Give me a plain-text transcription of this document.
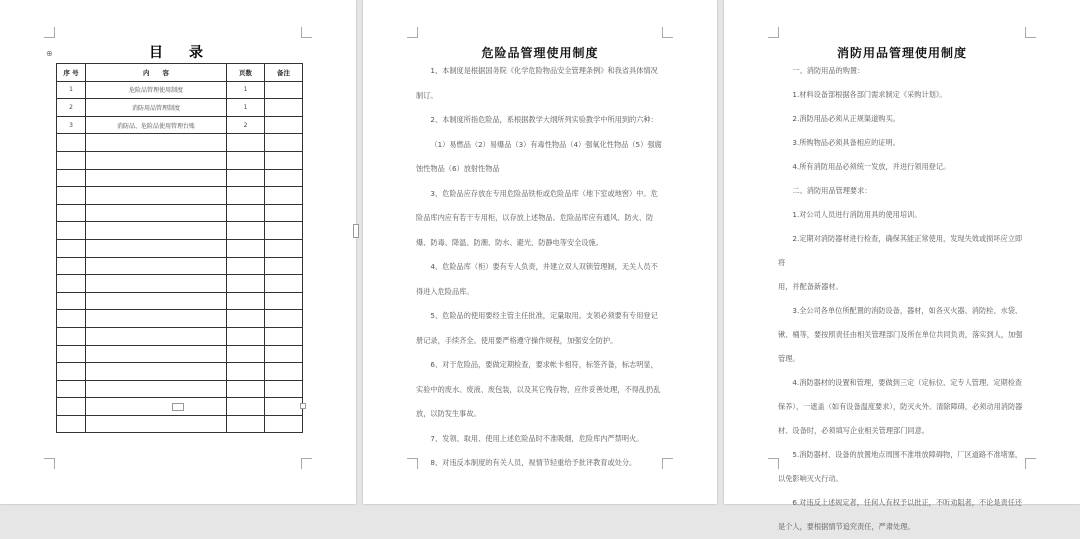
⊕	目　录
序 号	内　　容	页数	备注
1	危险品管理使用制度	1	
2	消防用品管理制度	1	
3	消防品、危险品使用管理台账	2	

危险品管理使用制度

1、本制度是根据国务院《化学危险物品安全管理条例》和我省具体情况制订。

2、本制度所指危险品，系根据教学大纲所列实验教学中所用到的六种：

（1）易燃品（2）易爆品（3）有毒性物品（4）强氧化性物品（5）强腐蚀性物品（6）放射性物品

3、危险品应存放在专用危险品铁柜或危险品库（地下室或地窖）中。危险品库内应有若干专用柜，以存放上述物品。危险品库应有通风、防火、防爆、防毒、降温、防潮、防水、避光、防静电等安全设施。

4、危险品库（柜）要有专人负责，并建立双人双锁管理制，无关人员不得进入危险品库。

5、危险品的使用要经主管主任批准，定量取用。支领必须要有专用登记册记录，手续齐全。使用要严格遵守操作规程，加强安全防护。

6、对于危险品，要做定期检查，要求帐卡相符，标签齐备，标志明显，实验中的废水、废液、废包装，以及其它残存物，应作妥善处理，不得乱扔乱放，以防发生事故。

7、发领、取用、使用上述危险品时不准吸烟，危险库内严禁明火。

8、对违反本制度的有关人员，视情节轻重给予批评教育或处分。

消防用品管理使用制度

一、消防用品的购置：

1.材料设备部根据各部门需求制定《采购计划》。

2.消防用品必须从正规渠道购买。

3.所购物品必须具备相应的证明。

4.所有消防用品必须统一发放，并进行领用登记。

二、消防用品管理要求：

1.对公司人员进行消防用具的使用培训。

2.定期对消防器材进行检查，确保其能正常使用，发现失效或损坏应立即将

用，并配备新器材。

3.全公司各单位所配置的消防设备，器材，如各灭火器、消防栓、水袋、锹、桶等，要按照责任由相关管理部门及所在单位共同负责，落实到人，加强管理。

4.消防器材的设置和管理，要做到三定（定标位、定专人管理、定期检查保养），一遮盖（如有设备温度要求），防灭火外。清除障碍，必须动用消防器材、设备时，必须填写企业相关管理部门同意。

5.消防器材、设备的放置地点周围不准堆放障碍物，厂区道路不准堵塞，以免影响灭火行动。

6.对违反上述规定者，任何人有权予以批正，不听劝阻者，不论是责任还是个人，要根据情节追究责任，严肃处理。
